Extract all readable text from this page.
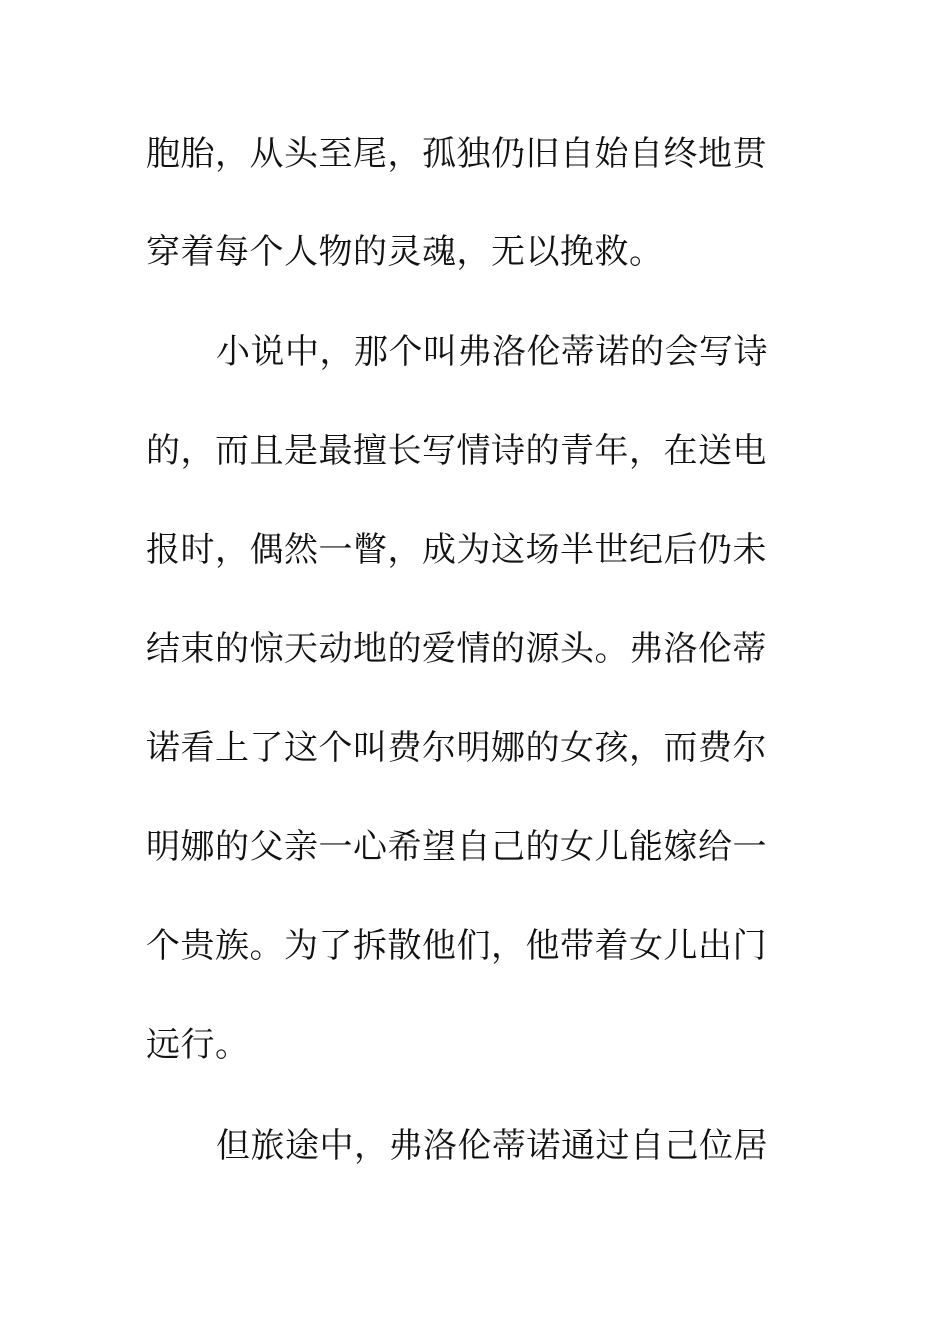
胞胎，从头至尾，孤独仍旧自始自终地贯
穿着每个人物的灵魂，无以挽救。
小说中，那个叫弗洛伦蒂诺的会写诗
的，而且是最擅长写情诗的青年，在送电
报时，偶然一瞥，成为这场半世纪后仍未
结束的惊天动地的爱情的源头。弗洛伦蒂
诺看上了这个叫费尔明娜的女孩，而费尔
明娜的父亲一心希望自己的女儿能嫁给一
个贵族。为了拆散他们，他带着女儿出门
远行。
但旅途中，弗洛伦蒂诺通过自己位居
